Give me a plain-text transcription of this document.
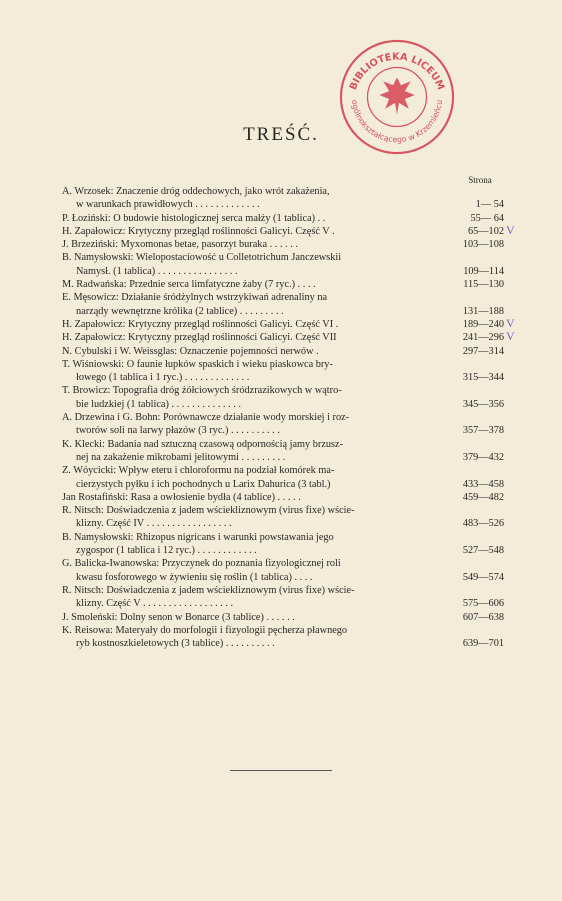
BIBLIOTEKA LICEUM
ogólnokształcącego w Krzemieńcu
TREŚĆ.
Strona
A. Wrzosek: Znaczenie dróg oddechowych, jako wrót zakażenia,
w warunkach prawidłowych . . . . . . . . . . . . .	1— 54
P. Łoziński: O budowie histologicznej serca małży (1 tablica) . .	55— 64
H. Zapałowicz: Krytyczny przegląd roślinności Galicyi. Część V .	65—102 V
J. Brzeziński: Myxomonas betae, pasorzyt buraka . . . . . .	103—108
B. Namysłowski: Wielopostaciowość u Colletotrichum Janczewskii
Namysł. (1 tablica) . . . . . . . . . . . . . . . .	109—114
M. Radwańska: Przednie serca limfatyczne żaby (7 ryc.) . . . .	115—130
E. Męsowicz: Działanie śródżylnych wstrzykiwań adrenaliny na
narządy wewnętrzne królika (2 tablice) . . . . . . . . .	131—188
H. Zapałowicz: Krytyczny przegląd roślinności Galicyi. Część VI .	189—240 V
H. Zapałowicz: Krytyczny przegląd roślinności Galicyi. Część VII	241—296 V
N. Cybulski i W. Weissglas: Oznaczenie pojemności nerwów .	297—314
T. Wiśniowski: O faunie łupków spaskich i wieku piaskowca bry-
łowego (1 tablica i 1 ryc.) . . . . . . . . . . . . .	315—344
T. Browicz: Topografia dróg żółciowych śródzrazikowych w wątro-
bie ludzkiej (1 tablica) . . . . . . . . . . . . . .	345—356
A. Drzewina i G. Bohn: Porównawcze działanie wody morskiej i roz-
tworów soli na larwy płazów (3 ryc.) . . . . . . . . . .	357—378
K. Klecki: Badania nad sztuczną czasową odpornością jamy brzusz-
nej na zakażenie mikrobami jelitowymi . . . . . . . . .	379—432
Z. Wóycicki: Wpływ eteru i chloroformu na podział komórek ma-
cierzystych pyłku i ich pochodnych u Larix Dahurica (3 tabl.)	433—458
Jan Rostafiński: Rasa a owłosienie bydła (4 tablice) . . . . .	459—482
R. Nitsch: Doświadczenia z jadem wściekliznowym (virus fixe) wście-
klizny. Część IV . . . . . . . . . . . . . . . . .	483—526
B. Namysłowski: Rhizopus nigricans i warunki powstawania jego
zygospor (1 tablica i 12 ryc.) . . . . . . . . . . . .	527—548
G. Balicka-Iwanowska: Przyczynek do poznania fizyologicznej roli
kwasu fosforowego w żywieniu się roślin (1 tablica) . . . .	549—574
R. Nitsch: Doświadczenia z jadem wściekliznowym (virus fixe) wście-
klizny. Część V . . . . . . . . . . . . . . . . . .	575—606
J. Smoleński: Dolny senon w Bonarce (3 tablice) . . . . . .	607—638
K. Reisowa: Materyały do morfologii i fizyologii pęcherza pławnego
ryb kostnoszkieletowych (3 tablice) . . . . . . . . . .	639—701
